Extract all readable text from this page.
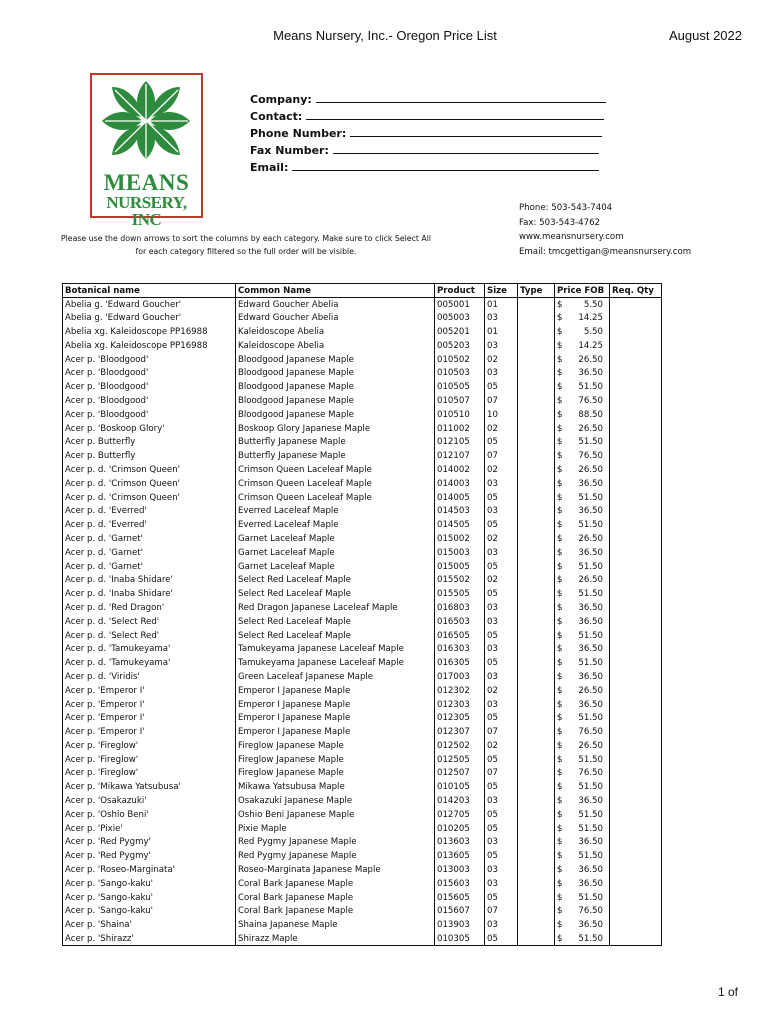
Means Nursery, Inc.- Oregon Price List	August 2022
MEANS
NURSERY, INC
Company:
Contact:
Phone Number:
Fax Number:
Email:
Phone: 503-543-7404
Fax: 503-543-4762
www.meansnursery.com
Email: tmcgettigan@meansnursery.com
Please use the down arrows to sort the columns by each category. Make sure to click Select All
for each category filtered so the full order will be visible.
Botanical name	Common Name	Product	Size	Type	Price FOB	Req. Qty
Abelia g. 'Edward Goucher'	Edward Goucher Abelia	005001	01		$ 5.50	

Abelia g. 'Edward Goucher'	Edward Goucher Abelia	005003	03		$ 14.25	

Abelia xg. Kaleidoscope PP16988	Kaleidoscope Abelia	005201	01		$ 5.50	

Abelia xg. Kaleidoscope PP16988	Kaleidoscope Abelia	005203	03		$ 14.25	

Acer p. 'Bloodgood'	Bloodgood Japanese Maple	010502	02		$ 26.50	

Acer p. 'Bloodgood'	Bloodgood Japanese Maple	010503	03		$ 36.50	

Acer p. 'Bloodgood'	Bloodgood Japanese Maple	010505	05		$ 51.50	

Acer p. 'Bloodgood'	Bloodgood Japanese Maple	010507	07		$ 76.50	

Acer p. 'Bloodgood'	Bloodgood Japanese Maple	010510	10		$ 88.50	

Acer p. 'Boskoop Glory'	Boskoop Glory Japanese Maple	011002	02		$ 26.50	

Acer p. Butterfly	Butterfly Japanese Maple	012105	05		$ 51.50	

Acer p. Butterfly	Butterfly Japanese Maple	012107	07		$ 76.50	

Acer p. d. 'Crimson Queen'	Crimson Queen Laceleaf Maple	014002	02		$ 26.50	

Acer p. d. 'Crimson Queen'	Crimson Queen Laceleaf Maple	014003	03		$ 36.50	

Acer p. d. 'Crimson Queen'	Crimson Queen Laceleaf Maple	014005	05		$ 51.50	

Acer p. d. 'Everred'	Everred Laceleaf Maple	014503	03		$ 36.50	

Acer p. d. 'Everred'	Everred Laceleaf Maple	014505	05		$ 51.50	

Acer p. d. 'Garnet'	Garnet Laceleaf Maple	015002	02		$ 26.50	

Acer p. d. 'Garnet'	Garnet Laceleaf Maple	015003	03		$ 36.50	

Acer p. d. 'Garnet'	Garnet Laceleaf Maple	015005	05		$ 51.50	

Acer p. d. 'Inaba Shidare'	Select Red Laceleaf Maple	015502	02		$ 26.50	

Acer p. d. 'Inaba Shidare'	Select Red Laceleaf Maple	015505	05		$ 51.50	

Acer p. d. 'Red Dragon'	Red Dragon Japanese Laceleaf Maple	016803	03		$ 36.50	

Acer p. d. 'Select Red'	Select Red Laceleaf Maple	016503	03		$ 36.50	

Acer p. d. 'Select Red'	Select Red Laceleaf Maple	016505	05		$ 51.50	

Acer p. d. 'Tamukeyama'	Tamukeyama Japanese Laceleaf Maple	016303	03		$ 36.50	

Acer p. d. 'Tamukeyama'	Tamukeyama Japanese Laceleaf Maple	016305	05		$ 51.50	

Acer p. d. 'Viridis'	Green Laceleaf Japanese Maple	017003	03		$ 36.50	

Acer p. 'Emperor I'	Emperor I Japanese Maple	012302	02		$ 26.50	

Acer p. 'Emperor I'	Emperor I Japanese Maple	012303	03		$ 36.50	

Acer p. 'Emperor I'	Emperor I Japanese Maple	012305	05		$ 51.50	

Acer p. 'Emperor I'	Emperor I Japanese Maple	012307	07		$ 76.50	

Acer p. 'Fireglow'	Fireglow Japanese Maple	012502	02		$ 26.50	

Acer p. 'Fireglow'	Fireglow Japanese Maple	012505	05		$ 51.50	

Acer p. 'Fireglow'	Fireglow Japanese Maple	012507	07		$ 76.50	

Acer p. 'Mikawa Yatsubusa'	Mikawa Yatsubusa Maple	010105	05		$ 51.50	

Acer p. 'Osakazuki'	Osakazuki Japanese Maple	014203	03		$ 36.50	

Acer p. 'Oshio Beni'	Oshio Beni Japanese Maple	012705	05		$ 51.50	

Acer p. 'Pixie'	Pixie Maple	010205	05		$ 51.50	

Acer p. 'Red Pygmy'	Red Pygmy Japanese Maple	013603	03		$ 36.50	

Acer p. 'Red Pygmy'	Red Pygmy Japanese Maple	013605	05		$ 51.50	

Acer p. 'Roseo-Marginata'	Roseo-Marginata Japanese Maple	013003	03		$ 36.50	

Acer p. 'Sango-kaku'	Coral Bark Japanese Maple	015603	03		$ 36.50	

Acer p. 'Sango-kaku'	Coral Bark Japanese Maple	015605	05		$ 51.50	

Acer p. 'Sango-kaku'	Coral Bark Japanese Maple	015607	07		$ 76.50	

Acer p. 'Shaina'	Shaina Japanese Maple	013903	03		$ 36.50	

Acer p. 'Shirazz'	Shirazz Maple	010305	05		$ 51.50	

1 of
